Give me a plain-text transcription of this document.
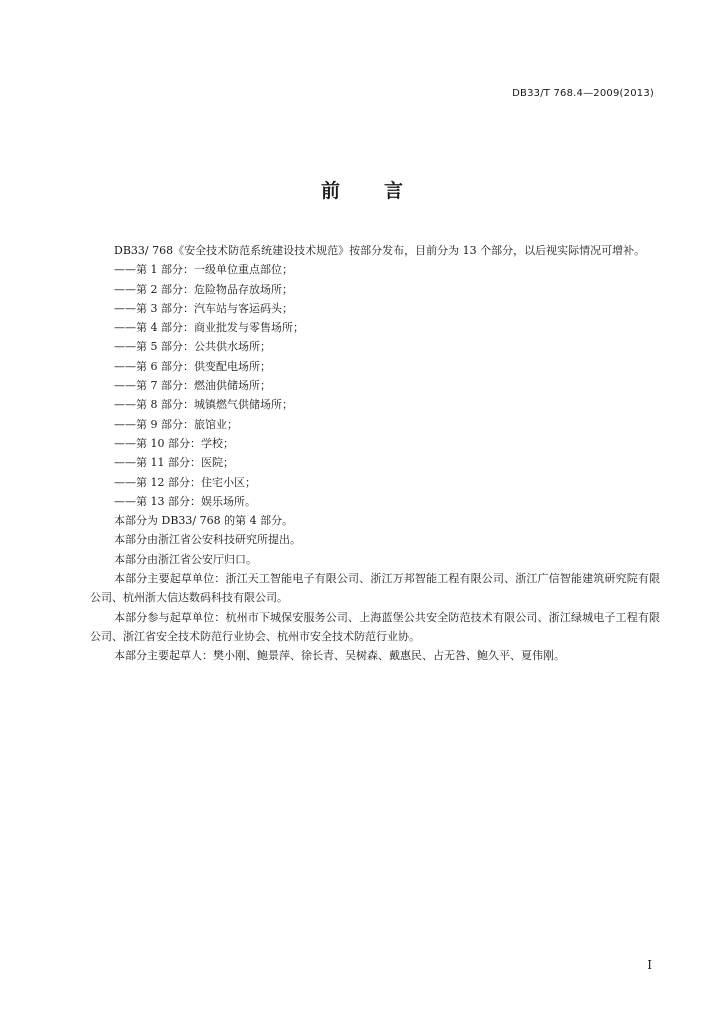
DB33/T 768.4—2009(2013)
前言

DB33/ 768《安全技术防范系统建设技术规范》按部分发布，目前分为 13 个部分，以后视实际情况可增补。

——第 1 部分：一级单位重点部位；
——第 2 部分：危险物品存放场所；
——第 3 部分：汽车站与客运码头；
——第 4 部分：商业批发与零售场所；
——第 5 部分：公共供水场所；
——第 6 部分：供变配电场所；
——第 7 部分：燃油供储场所；
——第 8 部分：城镇燃气供储场所；
——第 9 部分：旅馆业；
——第 10 部分：学校；
——第 11 部分：医院；
——第 12 部分：住宅小区；
——第 13 部分：娱乐场所。

本部分为 DB33/ 768 的第 4 部分。

本部分由浙江省公安科技研究所提出。

本部分由浙江省公安厅归口。

本部分主要起草单位：浙江天工智能电子有限公司、浙江万邦智能工程有限公司、浙江广信智能建筑研究院有限公司、杭州浙大信达数码科技有限公司。

本部分参与起草单位：杭州市下城保安服务公司、上海蓝堡公共安全防范技术有限公司、浙江绿城电子工程有限公司、浙江省安全技术防范行业协会、杭州市安全技术防范行业协。

本部分主要起草人：樊小刚、鲍景萍、徐长青、吴树森、戴惠民、占无咎、鲍久平、夏伟刚。

I
